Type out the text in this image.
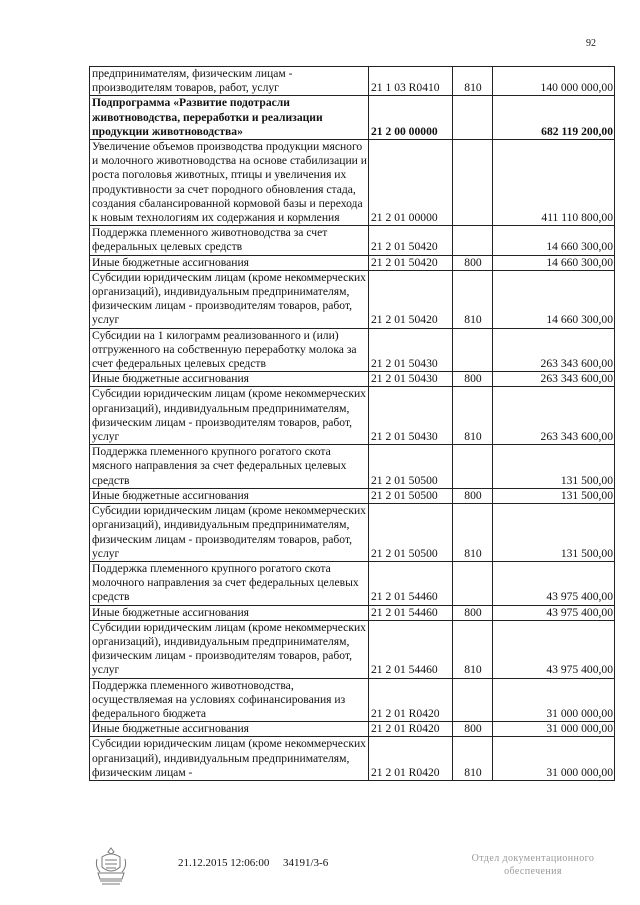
92
предпринимателям, физическим лицам - производителям товаров, работ, услуг	21 1 03 R0410	810	140 000 000,00
Подпрограмма «Развитие подотрасли животноводства, переработки и реализации продукции животноводства»	21 2 00 00000		682 119 200,00
Увеличение объемов производства продукции мясного и молочного животноводства на основе стабилизации и роста поголовья животных, птицы и увеличения их продуктивности за счет породного обновления стада, создания сбалансированной кормовой базы и перехода к новым технологиям их содержания и кормления	21 2 01 00000		411 110 800,00
Поддержка племенного животноводства за счет федеральных целевых средств	21 2 01 50420		14 660 300,00
Иные бюджетные ассигнования	21 2 01 50420	800	14 660 300,00
Субсидии юридическим лицам (кроме некоммерческих организаций), индивидуальным предпринимателям, физическим лицам - производителям товаров, работ, услуг	21 2 01 50420	810	14 660 300,00
Субсидии на 1 килограмм реализованного и (или) отгруженного на собственную переработку молока за счет федеральных целевых средств	21 2 01 50430		263 343 600,00
Иные бюджетные ассигнования	21 2 01 50430	800	263 343 600,00
Субсидии юридическим лицам (кроме некоммерческих организаций), индивидуальным предпринимателям, физическим лицам - производителям товаров, работ, услуг	21 2 01 50430	810	263 343 600,00
Поддержка племенного крупного рогатого скота мясного направления за счет федеральных целевых средств	21 2 01 50500		131 500,00
Иные бюджетные ассигнования	21 2 01 50500	800	131 500,00
Субсидии юридическим лицам (кроме некоммерческих организаций), индивидуальным предпринимателям, физическим лицам - производителям товаров, работ, услуг	21 2 01 50500	810	131 500,00
Поддержка племенного крупного рогатого скота молочного направления за счет федеральных целевых средств	21 2 01 54460		43 975 400,00
Иные бюджетные ассигнования	21 2 01 54460	800	43 975 400,00
Субсидии юридическим лицам (кроме некоммерческих организаций), индивидуальным предпринимателям, физическим лицам - производителям товаров, работ, услуг	21 2 01 54460	810	43 975 400,00
Поддержка племенного животноводства, осуществляемая на условиях софинансирования из федерального бюджета	21 2 01 R0420		31 000 000,00
Иные бюджетные ассигнования	21 2 01 R0420	800	31 000 000,00
Субсидии юридическим лицам (кроме некоммерческих организаций), индивидуальным предпринимателям, физическим лицам -	21 2 01 R0420	810	31 000 000,00
21.12.2015 12:06:00 34191/3-6	Отдел документационного
обеспечения
